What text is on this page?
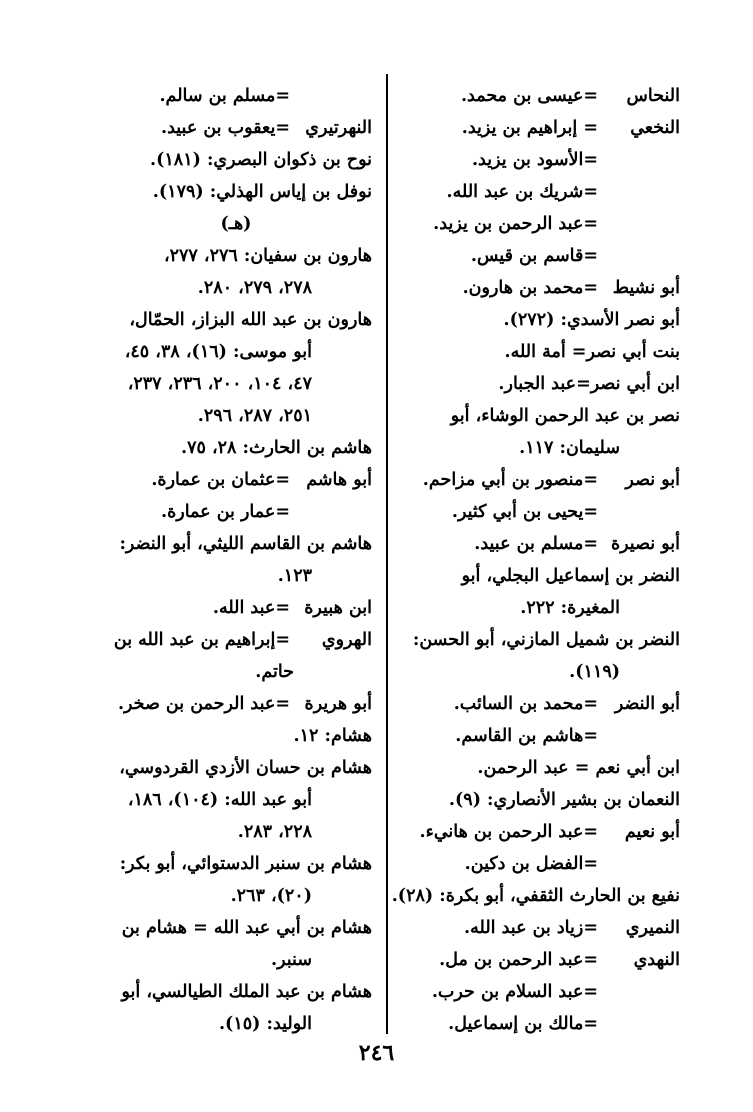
النحاس=عيسى بن محمد.
النخعي= إبراهيم بن يزيد.
=الأسود بن يزيد.
=شريك بن عبد الله.
=عبد الرحمن بن يزيد.
=قاسم بن قيس.
أبو نشيط=محمد بن هارون.
أبو نصر الأسدي: (٢٧٢).
بنت أبي نصر= أمة الله.
ابن أبي نصر=عبد الجبار.
نصر بن عبد الرحمن الوشاء، أبو
سليمان: ١١٧.
أبو نصر=منصور بن أبي مزاحم.
=يحيى بن أبي كثير.
أبو نصيرة=مسلم بن عبيد.
النضر بن إسماعيل البجلي، أبو
المغيرة: ٢٢٢.
النضر بن شميل المازني، أبو الحسن:
(١١٩).
أبو النضر=محمد بن السائب.
=هاشم بن القاسم.
ابن أبي نعم = عبد الرحمن.
النعمان بن بشير الأنصاري: (٩).
أبو نعيم=عبد الرحمن بن هانيء.
=الفضل بن دكين.
نفيع بن الحارث الثقفي، أبو بكرة: (٢٨).
النميري=زياد بن عبد الله.
النهدي=عبد الرحمن بن مل.
=عبد السلام بن حرب.
=مالك بن إسماعيل.
=مسلم بن سالم.
النهرتيري=يعقوب بن عبيد.
نوح بن ذكوان البصري: (١٨١).
نوفل بن إياس الهذلي: (١٧٩).
(هـ)
هارون بن سفيان: ٢٧٦، ٢٧٧،
٢٧٨، ٢٧٩، ٢٨٠.
هارون بن عبد الله البزاز، الحمّال،
أبو موسى: (١٦)، ٣٨، ٤٥،
٤٧، ١٠٤، ٢٠٠، ٢٣٦، ٢٣٧،
٢٥١، ٢٨٧، ٢٩٦.
هاشم بن الحارث: ٢٨، ٧٥.
أبو هاشم=عثمان بن عمارة.
=عمار بن عمارة.
هاشم بن القاسم الليثي، أبو النضر:
١٢٣.
ابن هبيرة=عبد الله.
الهروي=إبراهيم بن عبد الله بن
حاتم.
أبو هريرة=عبد الرحمن بن صخر.
هشام: ١٢.
هشام بن حسان الأزدي القردوسي،
أبو عبد الله: (١٠٤)، ١٨٦،
٢٢٨، ٢٨٣.
هشام بن سنبر الدستوائي، أبو بكر:
(٢٠)، ٢٦٣.
هشام بن أبي عبد الله = هشام بن
سنبر.
هشام بن عبد الملك الطيالسي، أبو
الوليد: (١٥).
٢٤٦
